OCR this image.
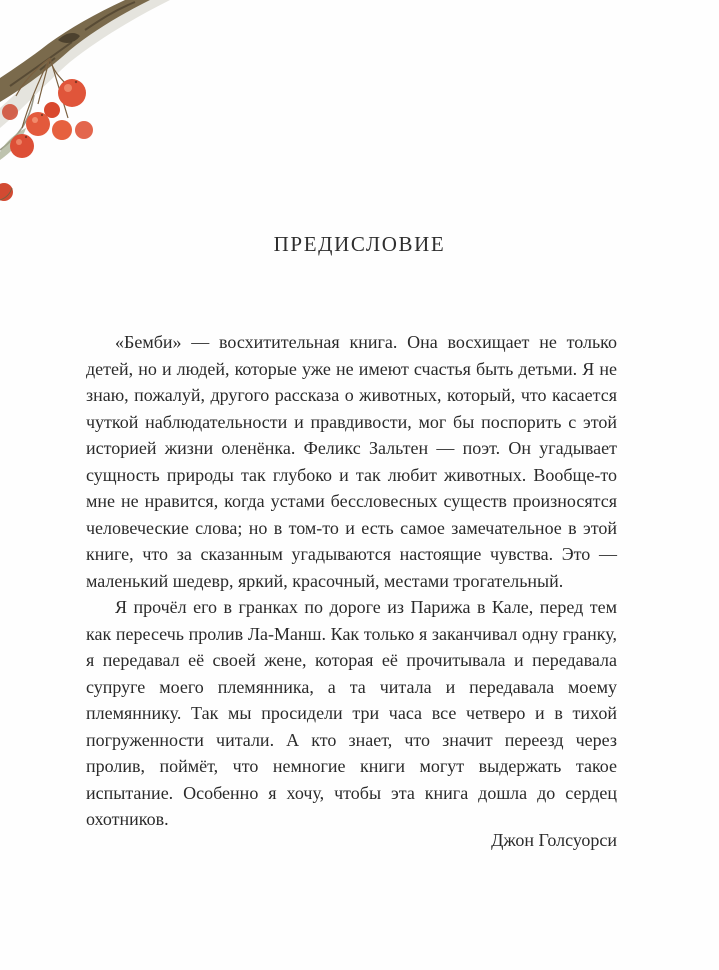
ПРЕДИСЛОВИЕ

«Бемби» — восхитительная книга. Она восхищает не только детей, но и людей, которые уже не имеют счастья быть детьми. Я не знаю, пожалуй, другого рассказа о животных, который, что касается чуткой наблюдательности и правдивости, мог бы поспорить с этой историей жизни оленёнка. Феликс Зальтен — поэт. Он угадывает сущность природы так глубоко и так любит животных. Вообще-то мне не нравится, когда устами бессловесных существ произносятся человеческие слова; но в том-то и есть самое замечательное в этой книге, что за сказанным угадываются настоящие чувства. Это — маленький шедевр, яркий, красочный, местами трогательный.

Я прочёл его в гранках по дороге из Парижа в Кале, перед тем как пересечь пролив Ла-Манш. Как только я заканчивал одну гранку, я передавал её своей жене, которая её прочитывала и передавала супруге моего племянника, а та читала и передавала моему племяннику. Так мы просидели три часа все четверо и в тихой погруженности читали. А кто знает, что значит переезд через пролив, поймёт, что немногие книги могут выдержать такое испытание. Особенно я хочу, чтобы эта книга дошла до сердец охотников.

Джон Голсуорси
